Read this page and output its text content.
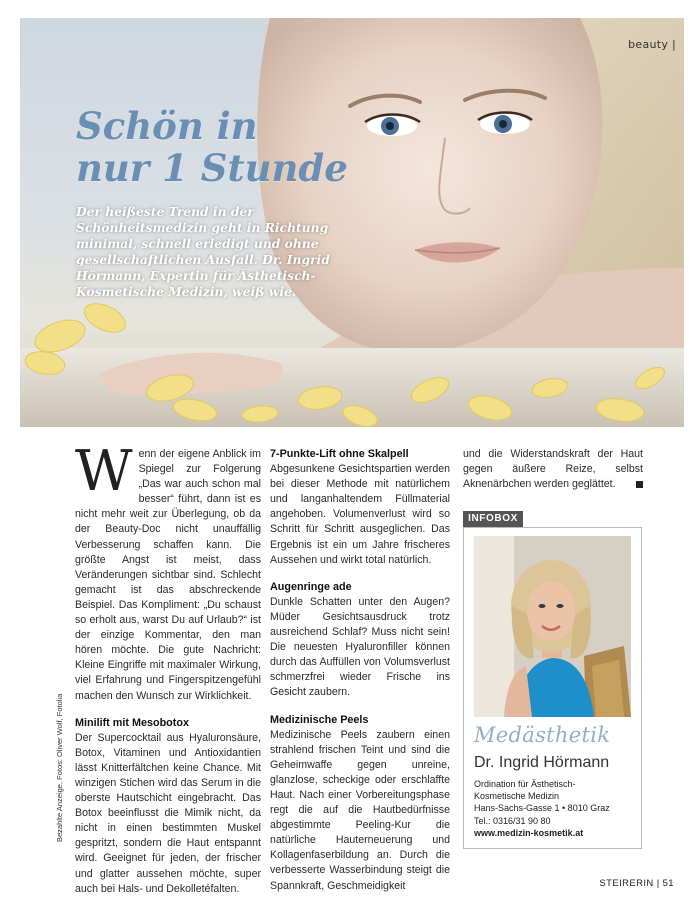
beauty |
Schön in
nur 1 Stunde

Der heißeste Trend in der Schönheitsmedizin geht in Richtung minimal, schnell erledigt und ohne gesellschaftlichen Ausfall. Dr. Ingrid Hörmann, Expertin für Ästhetisch-Kosmetische Medizin, weiß wie.

Wenn der eigene Anblick im Spiegel zur Folgerung „Das war auch schon mal besser“ führt, dann ist es nicht mehr weit zur Überlegung, ob da der Beauty-Doc nicht unauffällig Verbesserung schaffen kann. Die größte Angst ist meist, dass Veränderungen sichtbar sind. Schlecht gemacht ist das abschreckende Beispiel. Das Kompliment: „Du schaust so erholt aus, warst Du auf Urlaub?“ ist der einzige Kommentar, den man hören möchte. Die gute Nachricht: Kleine Eingriffe mit maximaler Wirkung, viel Erfahrung und Fingerspitzengefühl machen den Wunsch zur Wirklichkeit.

Minilift mit Mesobotox

Der Supercocktail aus Hyaluronsäure, Botox, Vitaminen und Antioxidantien lässt Knitterfältchen keine Chance. Mit winzigen Stichen wird das Serum in die oberste Hautschicht eingebracht. Das Botox beeinflusst die Mimik nicht, da nicht in einen bestimmten Muskel gespritzt, sondern die Haut entspannt wird. Geeignet für jeden, der frischer und glatter aussehen möchte, super auch bei Hals- und Dekolletéfalten.

7-Punkte-Lift ohne Skalpell

Abgesunkene Gesichtspartien werden bei dieser Methode mit natürlichem und langanhaltendem Füllmaterial angehoben. Volumenverlust wird so Schritt für Schritt ausgeglichen. Das Ergebnis ist ein um Jahre frischeres Aussehen und wirkt total natürlich.

Augenringe ade

Dunkle Schatten unter den Augen? Müder Gesichtsausdruck trotz ausreichend Schlaf? Muss nicht sein! Die neuesten Hyaluronfiller können durch das Auffüllen von Volumsverlust schmerzfrei wieder Frische ins Gesicht zaubern.

Medizinische Peels

Medizinische Peels zaubern einen strahlend frischen Teint und sind die Geheimwaffe gegen unreine, glanzlose, scheckige oder erschlaffte Haut. Nach einer Vorbereitungsphase regt die auf die Hautbedürfnisse abgestimmte Peeling-Kur die natürliche Hauterneuerung und Kollagenfaserbildung an. Durch die verbesserte Wasserbindung steigt die Spannkraft, Geschmeidigkeit

und die Widerstandskraft der Haut gegen äußere Reize, selbst Aknenärbchen werden geglättet.

INFOBOX
Medästhetik
Dr. Ingrid Hörmann
Ordination für Ästhetisch-
Kosmetische Medizin
Hans-Sachs-Gasse 1 • 8010 Graz
Tel.: 0316/31 90 80
www.medizin-kosmetik.at
Bezahlte Anzeige, Fotos: Oliver Wolf, Fotolia
STEIRERIN | 51
